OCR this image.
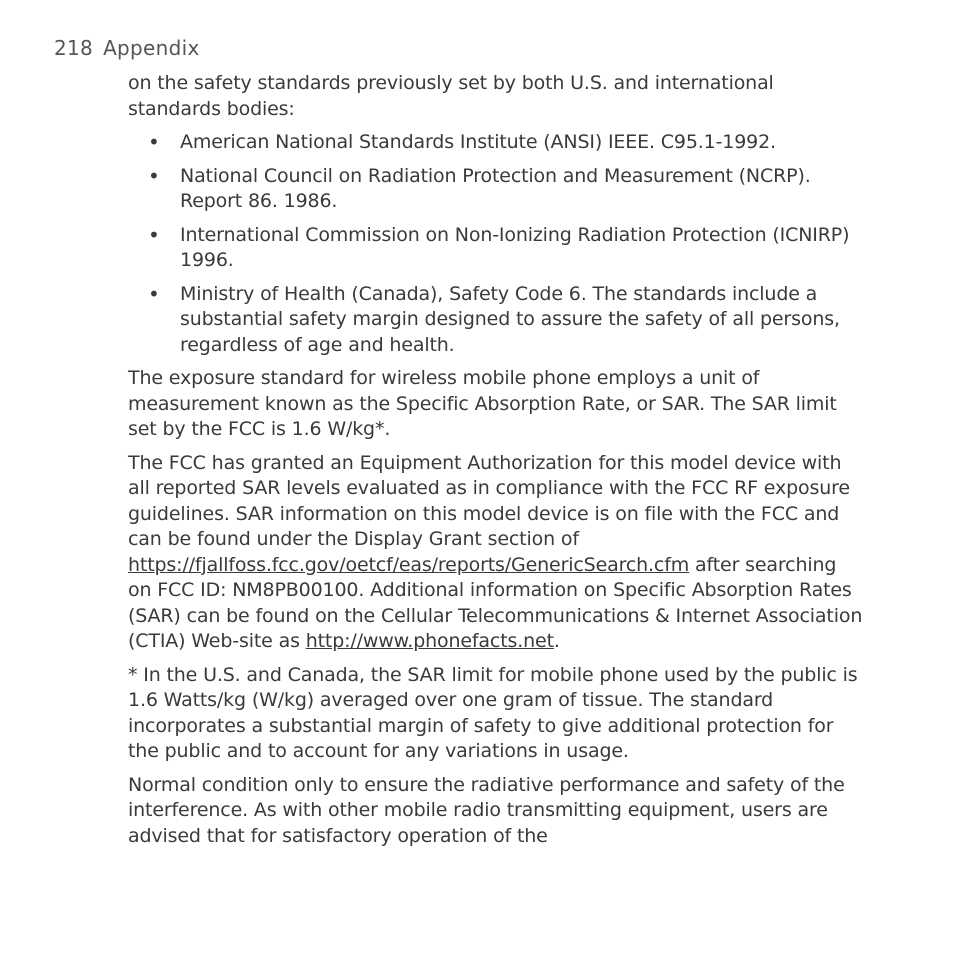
218 Appendix

on the safety standards previously set by both U.S. and international standards bodies:

• American National Standards Institute (ANSI) IEEE. C95.1-1992.
• National Council on Radiation Protection and Measurement (NCRP). Report 86. 1986.
• International Commission on Non-Ionizing Radiation Protection (ICNIRP) 1996.
• Ministry of Health (Canada), Safety Code 6. The standards include a substantial safety margin designed to assure the safety of all persons, regardless of age and health.

The exposure standard for wireless mobile phone employs a unit of measurement known as the Specific Absorption Rate, or SAR. The SAR limit set by the FCC is 1.6 W/kg*.

The FCC has granted an Equipment Authorization for this model device with all reported SAR levels evaluated as in compliance with the FCC RF exposure guidelines. SAR information on this model device is on file with the FCC and can be found under the Display Grant section of https://fjallfoss.fcc.gov/oetcf/eas/reports/GenericSearch.cfm after searching on FCC ID: NM8PB00100. Additional information on Specific Absorption Rates (SAR) can be found on the Cellular Telecommunications & Internet Association (CTIA) Web-site as http://www.phonefacts.net.

* In the U.S. and Canada, the SAR limit for mobile phone used by the public is 1.6 Watts/kg (W/kg) averaged over one gram of tissue. The standard incorporates a substantial margin of safety to give additional protection for the public and to account for any variations in usage.

Normal condition only to ensure the radiative performance and safety of the interference. As with other mobile radio transmitting equipment, users are advised that for satisfactory operation of the
